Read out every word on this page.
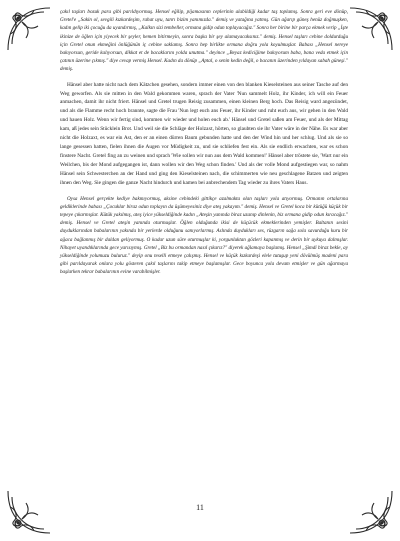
çakıl taşları bozuk para gibi parıldıyormuş. Hensel eğilip, pijamasının ceplerinin alabildiği kadar taş toplamış. Sonra geri eve dönüp, Gretel'e „Sakin ol, sevgili kızkardeşim, rahat uyu, tanrı bizim yanımızda." demiş ve yatağına yatmış. Gün ağarıp güneş henüz doğmuşken, kadın gelip iki çocuğu da uyandırmış, „Kalkın sizi tembeller, ormana gidip odun toplayacağız." Sonra her birine bir parça ekmek verip „İşte ikinize de öğlen için yiyecek bir şeyler, hemen bitirmeyin, sonra başka bir şey alamayacaksınız." demiş. Hensel taşları cebine doldurduğu için Gretel onun ekmeğini önlüğünün iç cebine saklamış. Sonra hep birlikte ormana doğru yola koyulmuşlar. Babası „Hensel nereye bakıyorsun, geride kalıyorsun, dikkat et de bacaklarını yolda unutma." deyince „Beyaz kediciğime bakıyorum baba, bana veda etmek için çatının üzerine çıkmış." diye cevap vermiş Hensel. Kadın da dönüp „Aptal, o senin kedin değil, o bacanın üzerinden yıldayan sabah güneşi." demiş.

Hänsel aber hatte nicht nach dem Kätzchen gesehen, sondern immer einen von den blanken Kieselsteinen aus seiner Tasche auf den Weg geworfen. Als sie mitten in den Wald gekommen waren, sprach der Vater 'Nun sammelt Holz, ihr Kinder, ich will ein Feuer anmachen, damit ihr nicht friert. Hänsel und Gretel trugen Reisig zusammen, einen kleinen Berg hoch. Das Reisig ward angezündet, und als die Flamme recht hoch brannte, sagte die Frau 'Nun legt euch ans Feuer, ihr Kinder und ruht euch aus, wir gehen in den Wald und hauen Holz. Wenn wir fertig sind, kommen wir wieder und holen euch ab.' Hänsel und Gretel saßen am Feuer, und als der Mittag kam, aß jedes sein Stücklein Brot. Und weil sie die Schläge der Holzaxt, hörten, so glaubten sie ihr Vater wäre in der Nähe. Es war aber nicht die Holzaxt, es war ein Ast, den er an einen dürren Baum gebunden hatte und den der Wind hin und her schlug. Und als sie so lange gesessen hatten, fielen ihnen die Augen vor Müdigkeit zu, und sie schliefen fest ein. Als sie endlich erwachten, war es schon finstere Nacht. Gretel fing an zu weinen und sprach 'Wie sollen wir nun aus dem Wald kommen!' Hänsel aber tröstete sie, 'Wart nur ein Weilchen, bis der Mond aufgegangen ist, dann wollen wir den Weg schon finden.' Und als der volle Mond aufgestiegen war, so nahm Hänsel sein Schwesterchen an der Hand und ging den Kieselsteinen nach, die schimmerten wie neu geschlagene Batzen und zeigten ihnen den Weg. Sie gingen die ganze Nacht hindurch und kamen bei anbrechendem Tag wieder zu ihres Vaters Haus.

Oysa Hensel gerçekte kediye bakmıyormuş, aksine cebindeki gittikçe azalmakta olan taşları yola atıyormuş. Ormanın ortalarına geldiklerinde babası „Çocuklar biraz odun toplayın da üşümeyesiniz diye ateş yakayım." demiş. Hensel ve Gretel koca bir kütüğü küçük bir tepeye çıkarmışlar. Kütük yakılmış, ateş iyice yükseldiğinde kadın „Ateşin yanında biraz uzanıp dinlenin, biz ormana gidip odun kıracağız." demiş. Hensel ve Gretel ateşin yanında oturmuşlar. Öğlen olduğunda ikisi de küçücük ekmeklerinden yemişler. Baltanın sesini duyduklarından babalarının yakında bir yerlerde olduğunu sanıyorlarmış. Aslında duydukları ses, rüzgarın sağa sola savurduğu kuru bir ağaca bağlanmış bir daldan geliyormuş. O kadar uzun süre oturmuşlar ki, yorgunluktan gözleri kapanmış ve derin bir uykuya dalmışlar. Nihayet uyandıklarında gece yarısıymış. Gretel „Biz bu ormandan nasıl çıkarız?" diyerek ağlamaya başlamış. Hensel „Şimdi biraz bekle, ay yükseldiğinde yolumuzu buluruz." deyip onu teselli etmeye çalışmış. Hensel ve küçük kızkardeşi elele tutuşup yeni dövülmüş madeni para gibi parıldayarak onlara yolu gösteren çakıl taşlarını takip etmeye başlamışlar. Gece boyunca yola devam etmişler ve gün ağarmaya başlarken tekrar babalarının evine varabilmişler.

11
